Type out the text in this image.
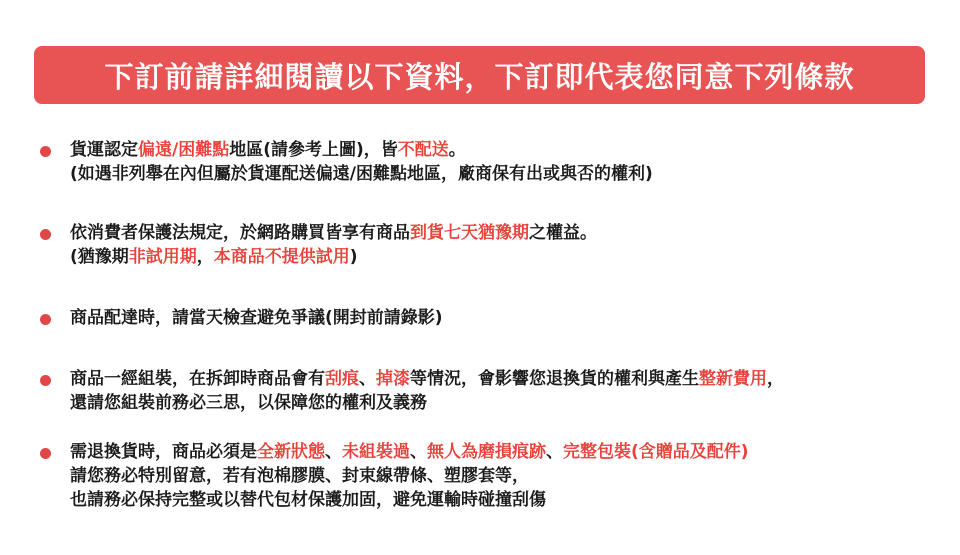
下訂前請詳細閱讀以下資料，下訂即代表您同意下列條款
貨運認定偏遠/困難點地區(請參考上圖)，皆不配送。
(如遇非列舉在內但屬於貨運配送偏遠/困難點地區，廠商保有出或與否的權利)
依消費者保護法規定，於網路購買皆享有商品到貨七天猶豫期之權益。
(猶豫期非試用期，本商品不提供試用)
商品配達時，請當天檢查避免爭議(開封前請錄影)
商品一經組裝，在拆卸時商品會有刮痕、掉漆等情況，會影響您退換貨的權利與產生整新費用，
還請您組裝前務必三思，以保障您的權利及義務
需退換貨時，商品必須是全新狀態、未組裝過、無人為磨損痕跡、完整包裝(含贈品及配件)
請您務必特別留意，若有泡棉膠膜、封束線帶條、塑膠套等，
也請務必保持完整或以替代包材保護加固，避免運輸時碰撞刮傷
